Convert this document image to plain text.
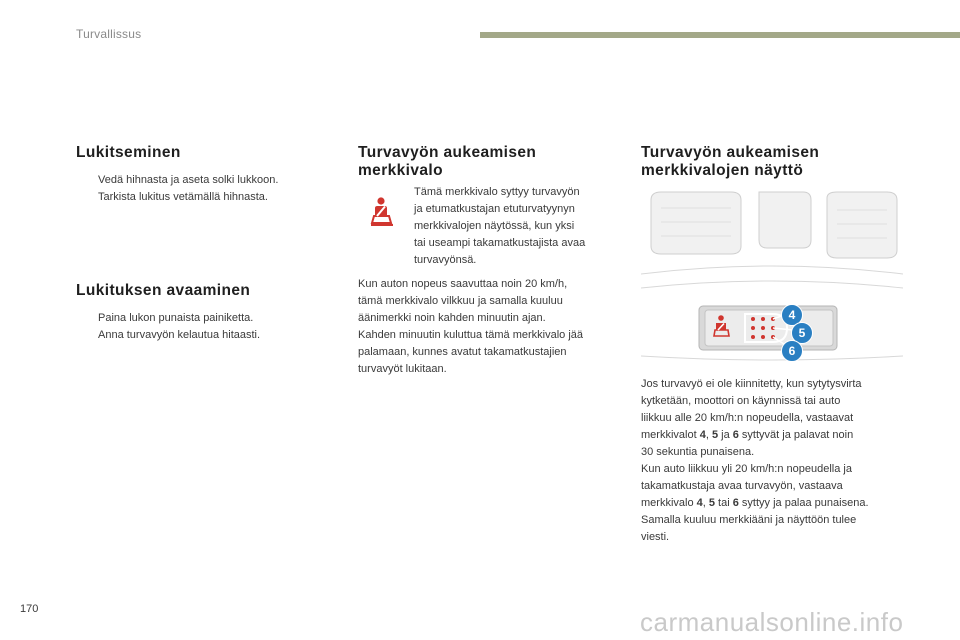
Turvallissus
Lukitseminen
Vedä hihnasta ja aseta solki lukkoon.
Tarkista lukitus vetämällä hihnasta.
Lukituksen avaaminen
Paina lukon punaista painiketta.
Anna turvavyön kelautua hitaasti.
Turvavyön aukeamisen
merkkivalo

Tämä merkkivalo syttyy turvavyön

ja etumatkustajan etuturvatyynyn

merkkivalojen näytössä, kun yksi

tai useampi takamatkustajista avaa

turvavyönsä.

Kun auton nopeus saavuttaa noin 20 km/h,

tämä merkkivalo vilkkuu ja samalla kuuluu

äänimerkki noin kahden minuutin ajan.

Kahden minuutin kuluttua tämä merkkivalo jää

palamaan, kunnes avatut takamatkustajien

turvavyöt lukitaan.

Turvavyön aukeamisen
merkkivalojen näyttö
4
5
6

Jos turvavyö ei ole kiinnitetty, kun sytytysvirta

kytketään, moottori on käynnissä tai auto

liikkuu alle 20 km/h:n nopeudella, vastaavat

merkkivalot 4, 5 ja 6 syttyvät ja palavat noin

30 sekuntia punaisena.

Kun auto liikkuu yli 20 km/h:n nopeudella ja

takamatkustaja avaa turvavyön, vastaava

merkkivalo 4, 5 tai 6 syttyy ja palaa punaisena.

Samalla kuuluu merkkiääni ja näyttöön tulee

viesti.

170	carmanualsonline.info
